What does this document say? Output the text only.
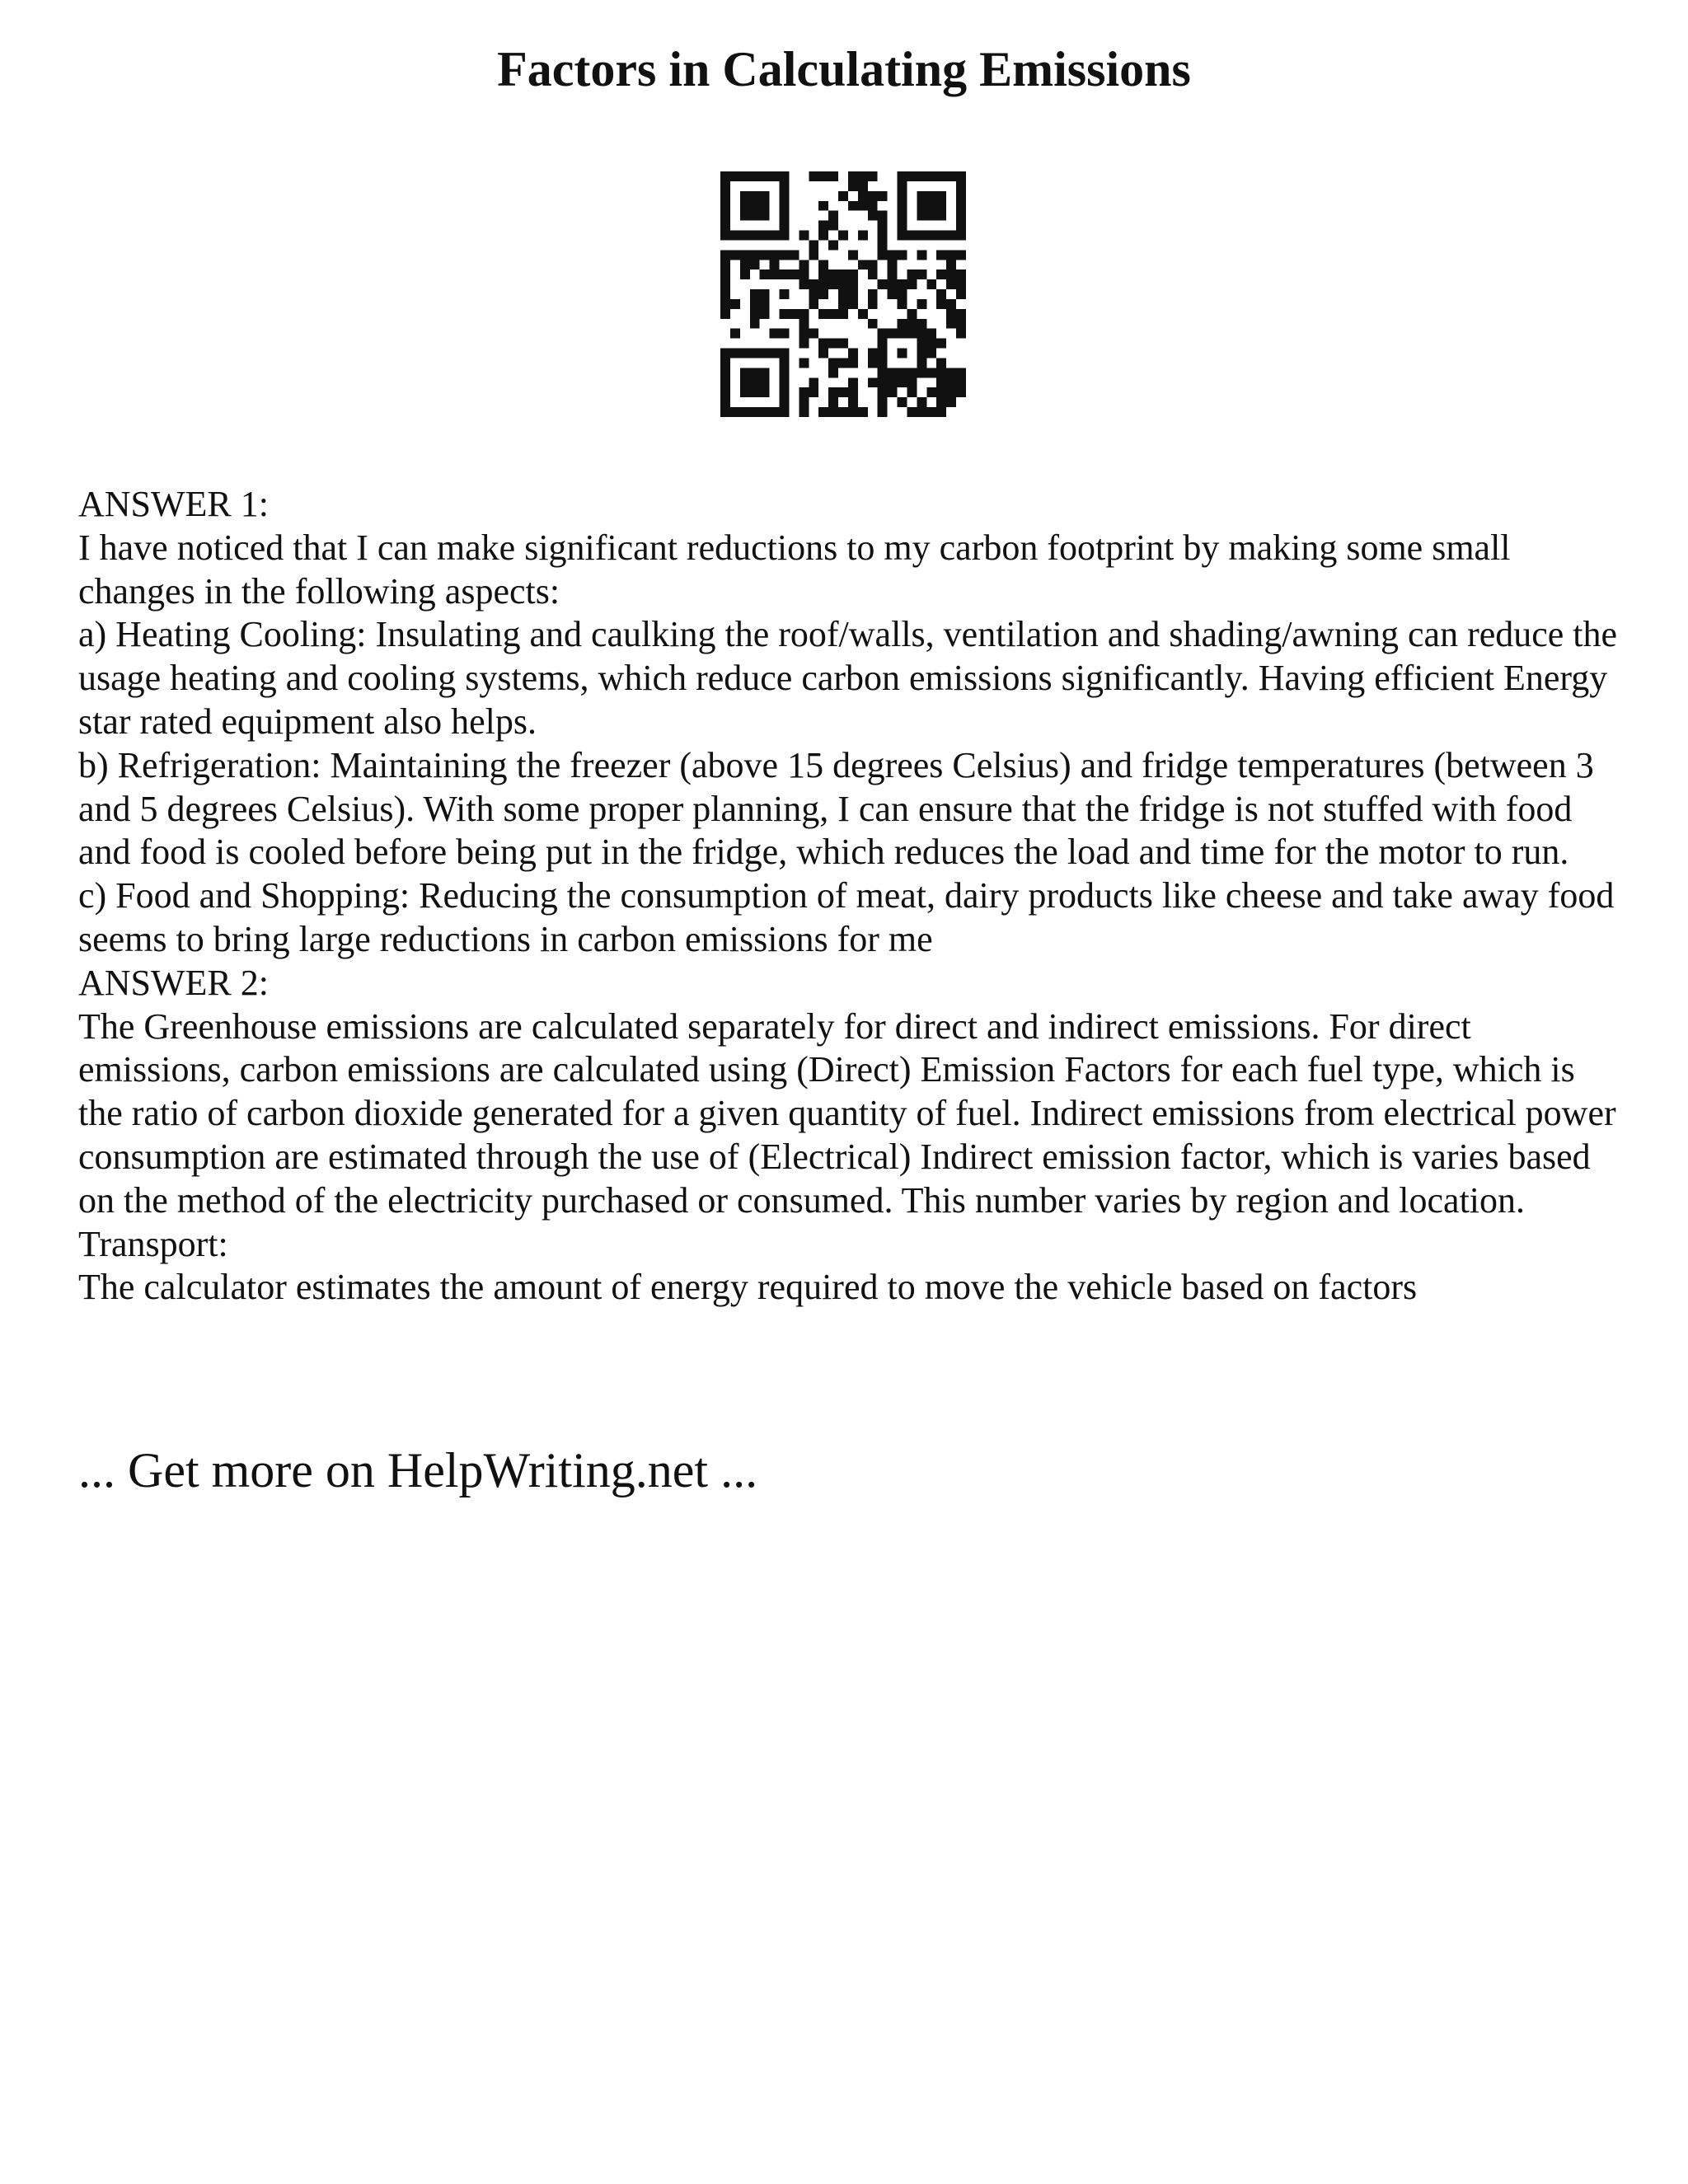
Factors in Calculating Emissions

ANSWER 1:

I have noticed that I can make significant reductions to my carbon footprint by making some small changes in the following aspects:

a) Heating Cooling: Insulating and caulking the roof/walls, ventilation and shading/awning can reduce the usage heating and cooling systems, which reduce carbon emissions significantly. Having efficient Energy star rated equipment also helps.

b) Refrigeration: Maintaining the freezer (above 15 degrees Celsius) and fridge temperatures (between 3 and 5 degrees Celsius). With some proper planning, I can ensure that the fridge is not stuffed with food and food is cooled before being put in the fridge, which reduces the load and time for the motor to run.

c) Food and Shopping: Reducing the consumption of meat, dairy products like cheese and take away food seems to bring large reductions in carbon emissions for me

ANSWER 2:

The Greenhouse emissions are calculated separately for direct and indirect emissions. For direct emissions, carbon emissions are calculated using (Direct) Emission Factors for each fuel type, which is the ratio of carbon dioxide generated for a given quantity of fuel. Indirect emissions from electrical power consumption are estimated through the use of (Electrical) Indirect emission factor, which is varies based on the method of the electricity purchased or consumed. This number varies by region and location.

Transport:

The calculator estimates the amount of energy required to move the vehicle based on factors

... Get more on HelpWriting.net ...
